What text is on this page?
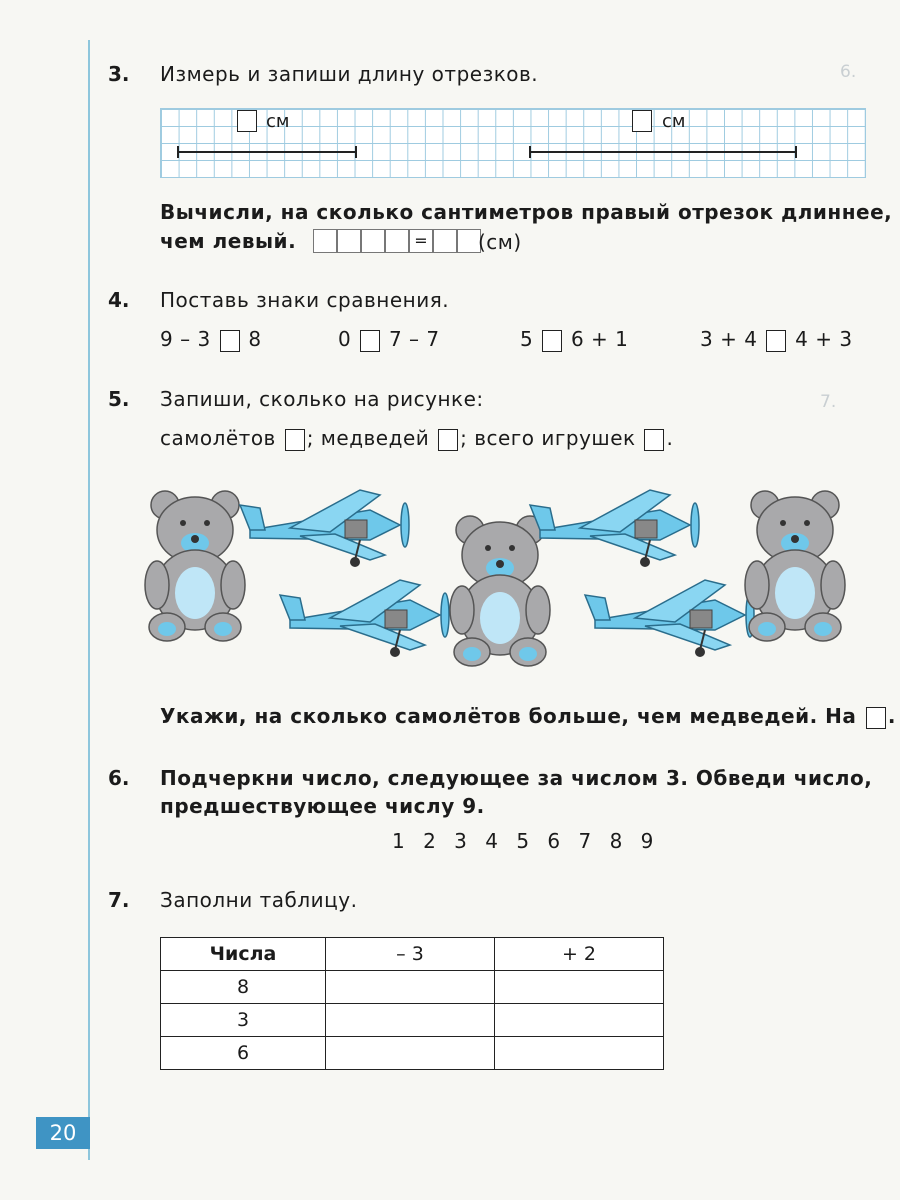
6.
7.
3. Измерь и запиши длину отрезков.
см	см
Вычисли, на сколько сантиметров правый отрезок длиннее,
чем левый.	=	(см)
4. Поставь знаки сравнения.
9 – 3 8	0 7 – 7	5 6 + 1	3 + 4 4 + 3
5. Запиши, сколько на рисунке:
самолётов ; медведей ; всего игрушек .
Укажи, на сколько самолётов больше, чем медведей. На .
6. Подчеркни число, следующее за числом 3. Обведи число,
предшествующее числу 9.
1 2 3 4 5 6 7 8 9
7. Заполни таблицу.
Числа	– 3	+ 2
8		
3		
6		
20
